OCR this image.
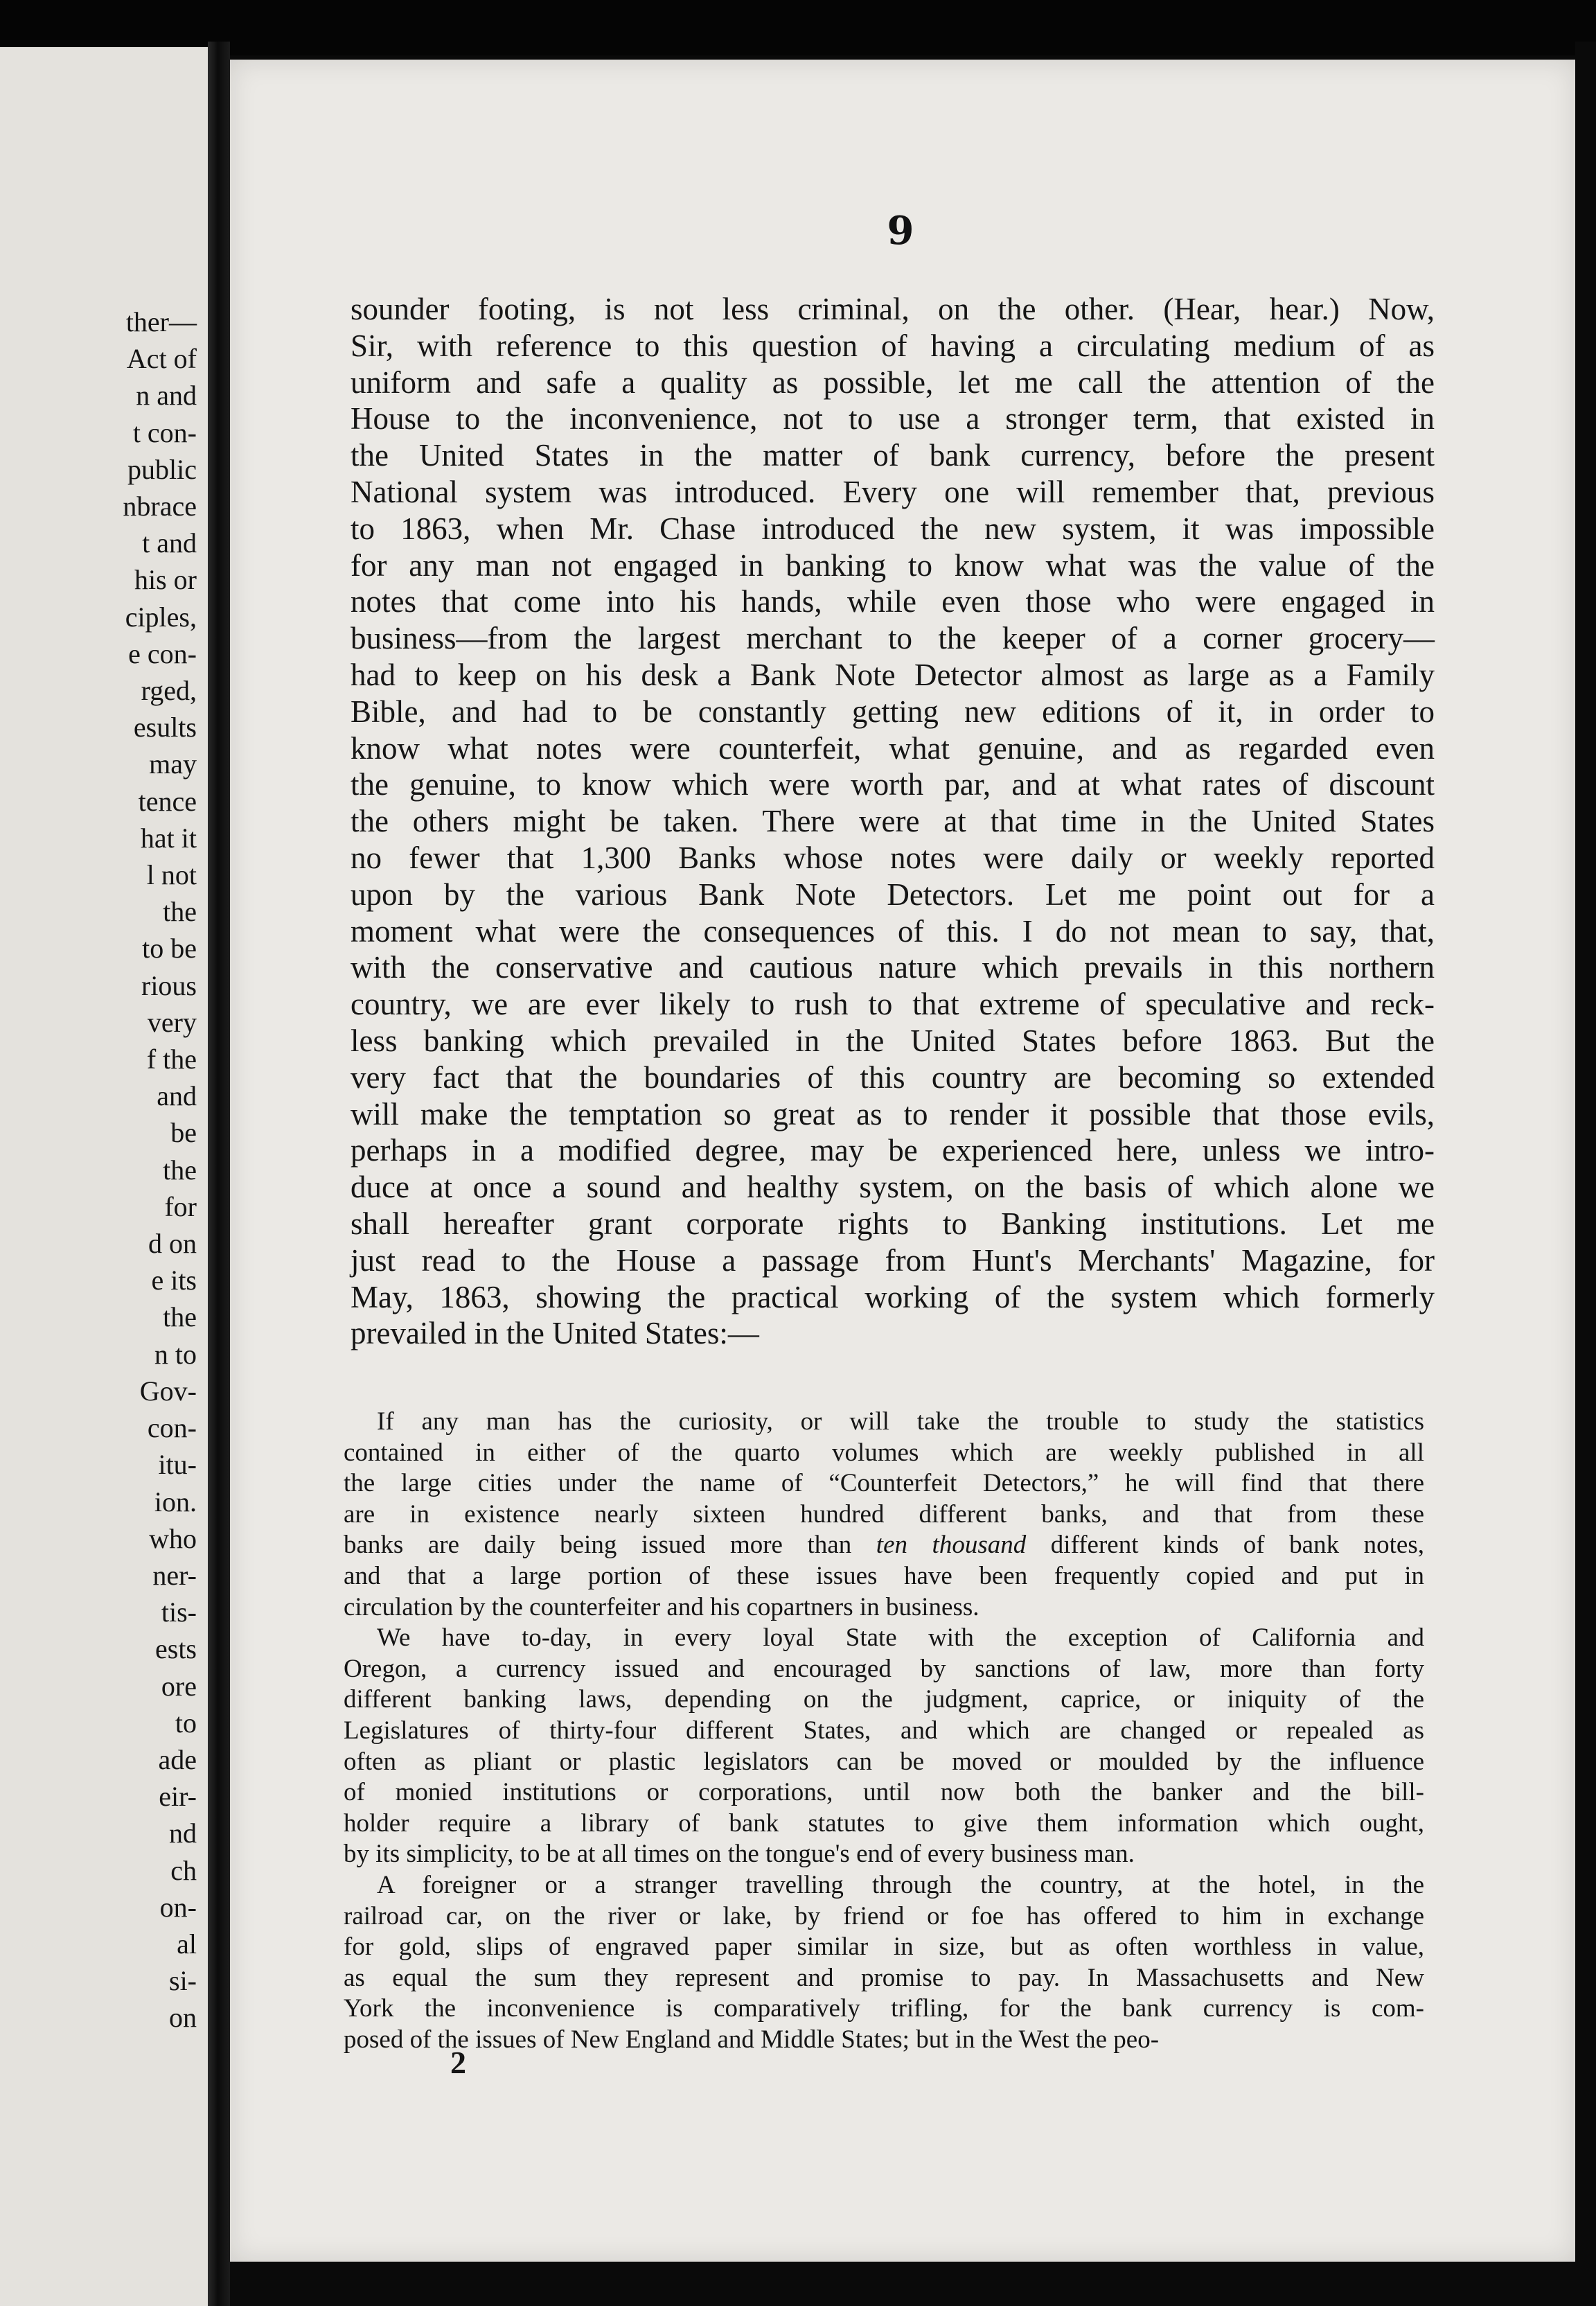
ther—
Act of
n and
t con-
public
nbrace
t and
his or
ciples,
e con-
rged,
esults
may
tence
hat it
l not
the
to be
rious
very
f the
and
be
the
for
d on
e its
the
n to
Gov-
con-
itu-
ion.
who
ner-
tis-
ests
ore
to
ade
eir-
nd
ch
on-
al
si-
on
9
sounder footing, is not less criminal, on the other. (Hear, hear.) Now,
Sir, with reference to this question of having a circulating medium of as
uniform and safe a quality as possible, let me call the attention of the
House to the inconvenience, not to use a stronger term, that existed in
the United States in the matter of bank currency, before the present
National system was introduced. Every one will remember that, previous
to 1863, when Mr. Chase introduced the new system, it was impossible
for any man not engaged in banking to know what was the value of the
notes that come into his hands, while even those who were engaged in
business—from the largest merchant to the keeper of a corner grocery—
had to keep on his desk a Bank Note Detector almost as large as a Family
Bible, and had to be constantly getting new editions of it, in order to
know what notes were counterfeit, what genuine, and as regarded even
the genuine, to know which were worth par, and at what rates of discount
the others might be taken. There were at that time in the United States
no fewer that 1,300 Banks whose notes were daily or weekly reported
upon by the various Bank Note Detectors. Let me point out for a
moment what were the consequences of this. I do not mean to say, that,
with the conservative and cautious nature which prevails in this northern
country, we are ever likely to rush to that extreme of speculative and reck-
less banking which prevailed in the United States before 1863. But the
very fact that the boundaries of this country are becoming so extended
will make the temptation so great as to render it possible that those evils,
perhaps in a modified degree, may be experienced here, unless we intro-
duce at once a sound and healthy system, on the basis of which alone we
shall hereafter grant corporate rights to Banking institutions. Let me
just read to the House a passage from Hunt's Merchants' Magazine, for
May, 1863, showing the practical working of the system which formerly
prevailed in the United States:—
If any man has the curiosity, or will take the trouble to study the statistics
contained in either of the quarto volumes which are weekly published in all
the large cities under the name of “Counterfeit Detectors,” he will find that there
are in existence nearly sixteen hundred different banks, and that from these
banks are daily being issued more than ten thousand different kinds of bank notes,
and that a large portion of these issues have been frequently copied and put in
circulation by the counterfeiter and his copartners in business.
We have to-day, in every loyal State with the exception of California and
Oregon, a currency issued and encouraged by sanctions of law, more than forty
different banking laws, depending on the judgment, caprice, or iniquity of the
Legislatures of thirty-four different States, and which are changed or repealed as
often as pliant or plastic legislators can be moved or moulded by the influence
of monied institutions or corporations, until now both the banker and the bill-
holder require a library of bank statutes to give them information which ought,
by its simplicity, to be at all times on the tongue's end of every business man.
A foreigner or a stranger travelling through the country, at the hotel, in the
railroad car, on the river or lake, by friend or foe has offered to him in exchange
for gold, slips of engraved paper similar in size, but as often worthless in value,
as equal the sum they represent and promise to pay. In Massachusetts and New
York the inconvenience is comparatively trifling, for the bank currency is com-
posed of the issues of New England and Middle States; but in the West the peo-
2
